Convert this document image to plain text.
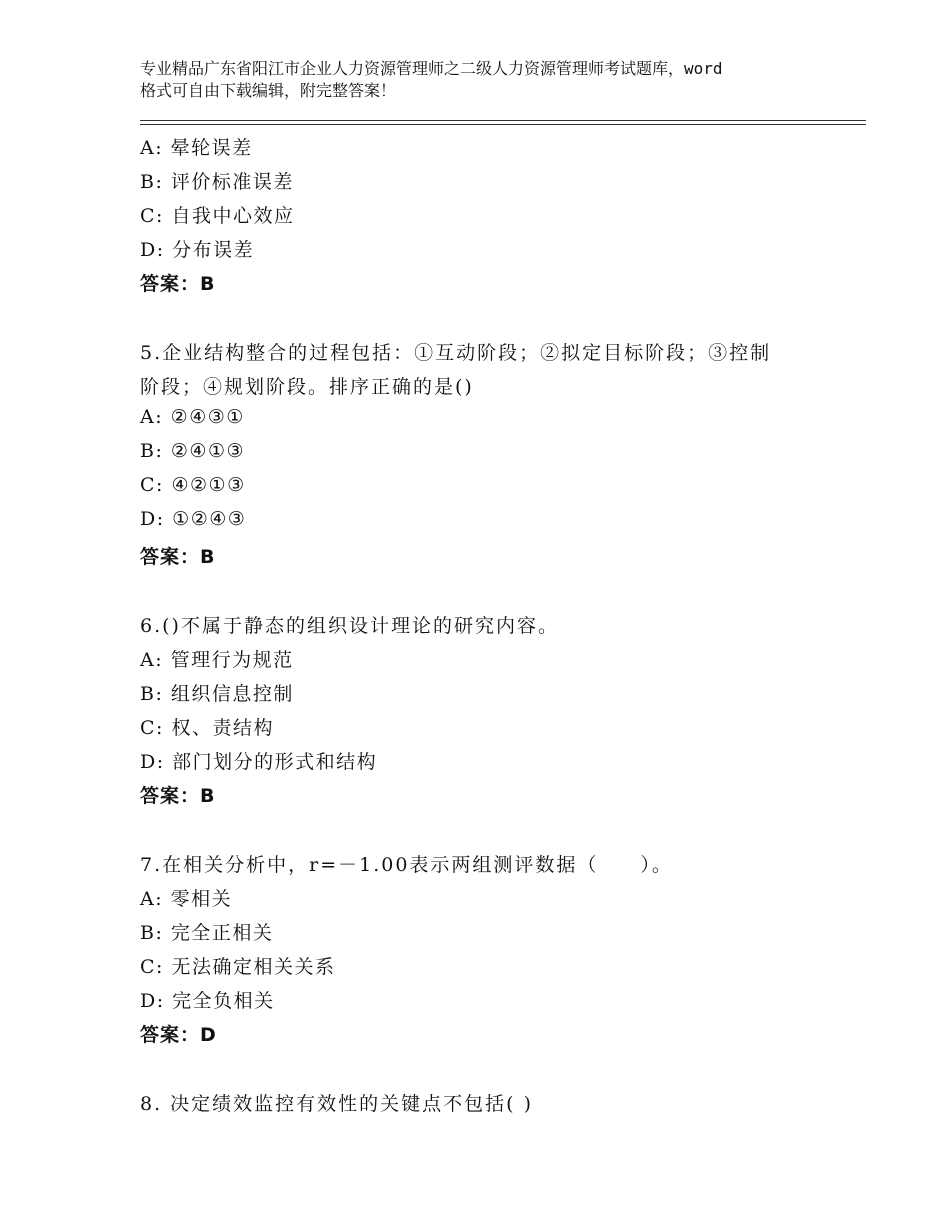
专业精品广东省阳江市企业人力资源管理师之二级人力资源管理师考试题库，word
格式可自由下载编辑，附完整答案！
A: 晕轮误差
B: 评价标准误差
C: 自我中心效应
D: 分布误差
答案：B
5.企业结构整合的过程包括：①互动阶段；②拟定目标阶段；③控制
阶段；④规划阶段。排序正确的是()
A: ②④③①
B: ②④①③
C: ④②①③
D: ①②④③
答案：B
6.()不属于静态的组织设计理论的研究内容。
A: 管理行为规范
B: 组织信息控制
C: 权、责结构
D: 部门划分的形式和结构
答案：B
7.在相关分析中，r=－1.00表示两组测评数据（　　）。
A: 零相关
B: 完全正相关
C: 无法确定相关关系
D: 完全负相关
答案：D
8. 决定绩效监控有效性的关键点不包括( )
